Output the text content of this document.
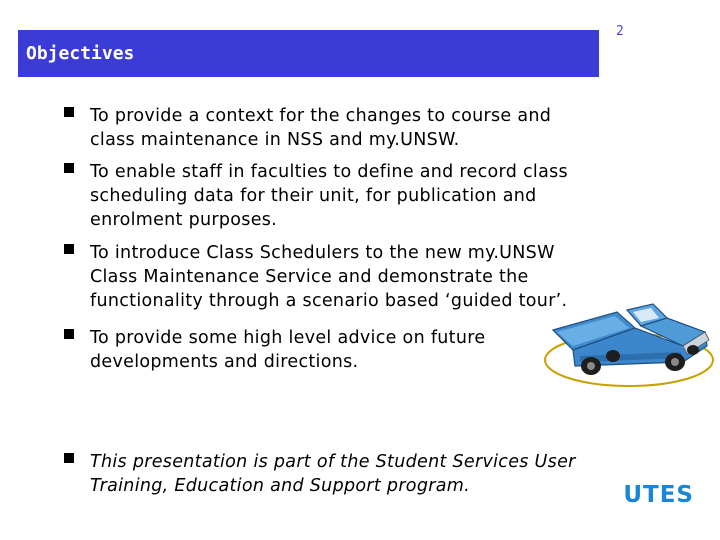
Objectives
2
To provide a context for the changes to course and
class maintenance in NSS and my.UNSW.
To enable staff in faculties to define and record class
scheduling data for their unit, for publication and
enrolment purposes.
To introduce Class Schedulers to the new my.UNSW
Class Maintenance Service and demonstrate the
functionality through a scenario based ‘guided tour’.
To provide some high level advice on future
developments and directions.
This presentation is part of the Student Services User
Training, Education and Support program.	UTES
